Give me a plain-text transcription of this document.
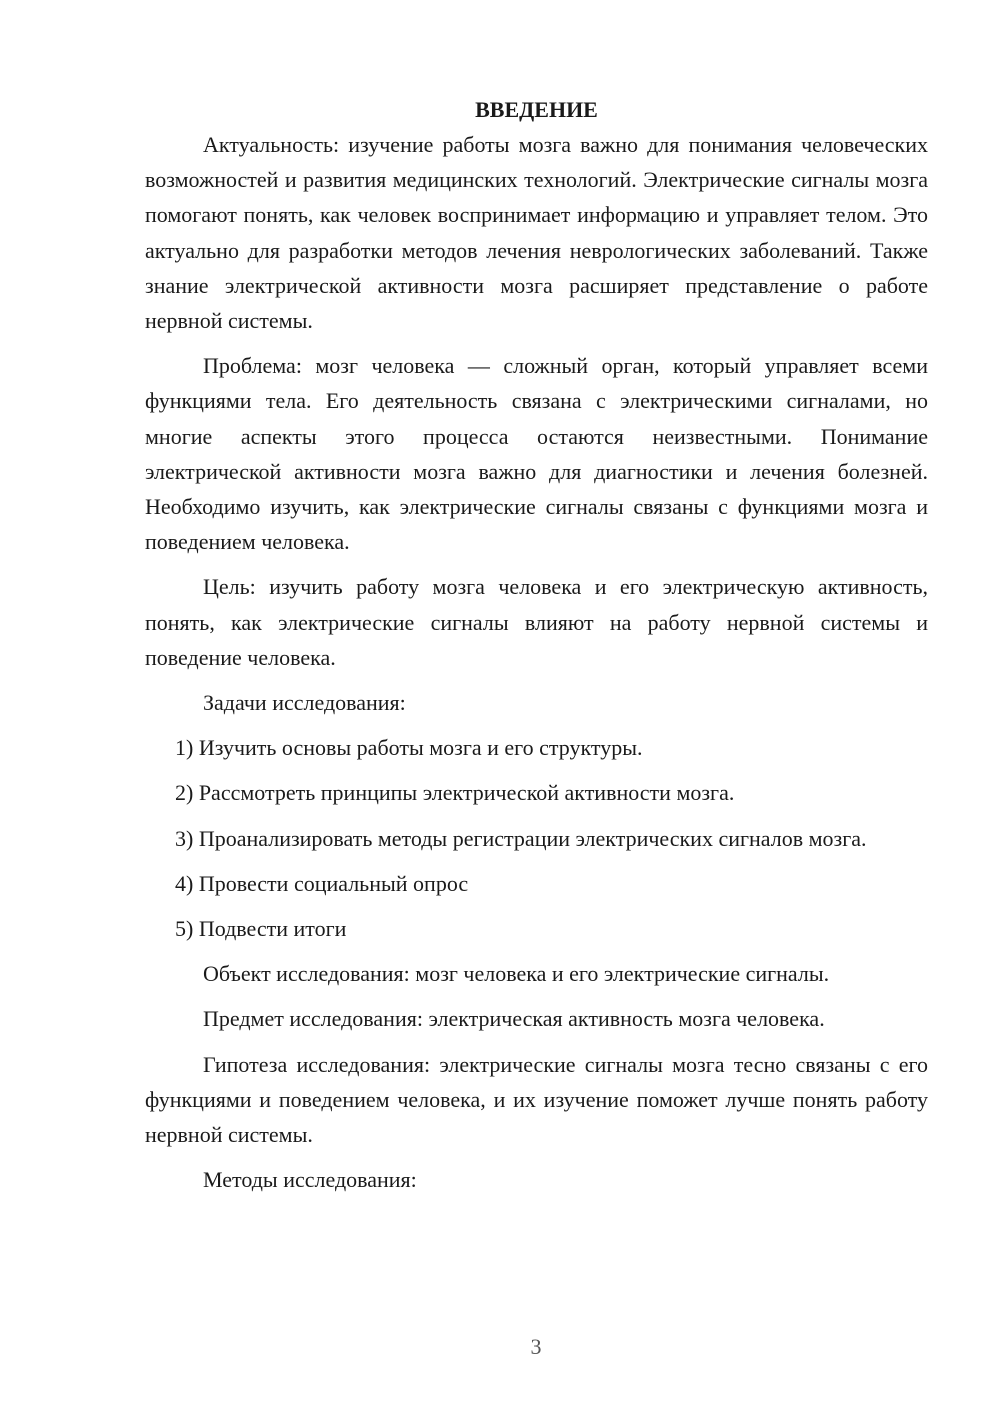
ВВЕДЕНИЕ

Актуальность: изучение работы мозга важно для понимания человеческих возможностей и развития медицинских технологий. Электрические сигналы мозга помогают понять, как человек воспринимает информацию и управляет телом. Это актуально для разработки методов лечения неврологических заболеваний. Также знание электрической активности мозга расширяет представление о работе нервной системы.

Проблема: мозг человека — сложный орган, который управляет всеми функциями тела. Его деятельность связана с электрическими сигналами, но многие аспекты этого процесса остаются неизвестными. Понимание электрической активности мозга важно для диагностики и лечения болезней. Необходимо изучить, как электрические сигналы связаны с функциями мозга и поведением человека.

Цель: изучить работу мозга человека и его электрическую активность, понять, как электрические сигналы влияют на работу нервной системы и поведение человека.

Задачи исследования:

1) Изучить основы работы мозга и его структуры.

2) Рассмотреть принципы электрической активности мозга.

3) Проанализировать методы регистрации электрических сигналов мозга.

4) Провести социальный опрос

5) Подвести итоги

Объект исследования: мозг человека и его электрические сигналы.

Предмет исследования: электрическая активность мозга человека.

Гипотеза исследования: электрические сигналы мозга тесно связаны с его функциями и поведением человека, и их изучение поможет лучше понять работу нервной системы.

Методы исследования:

3
